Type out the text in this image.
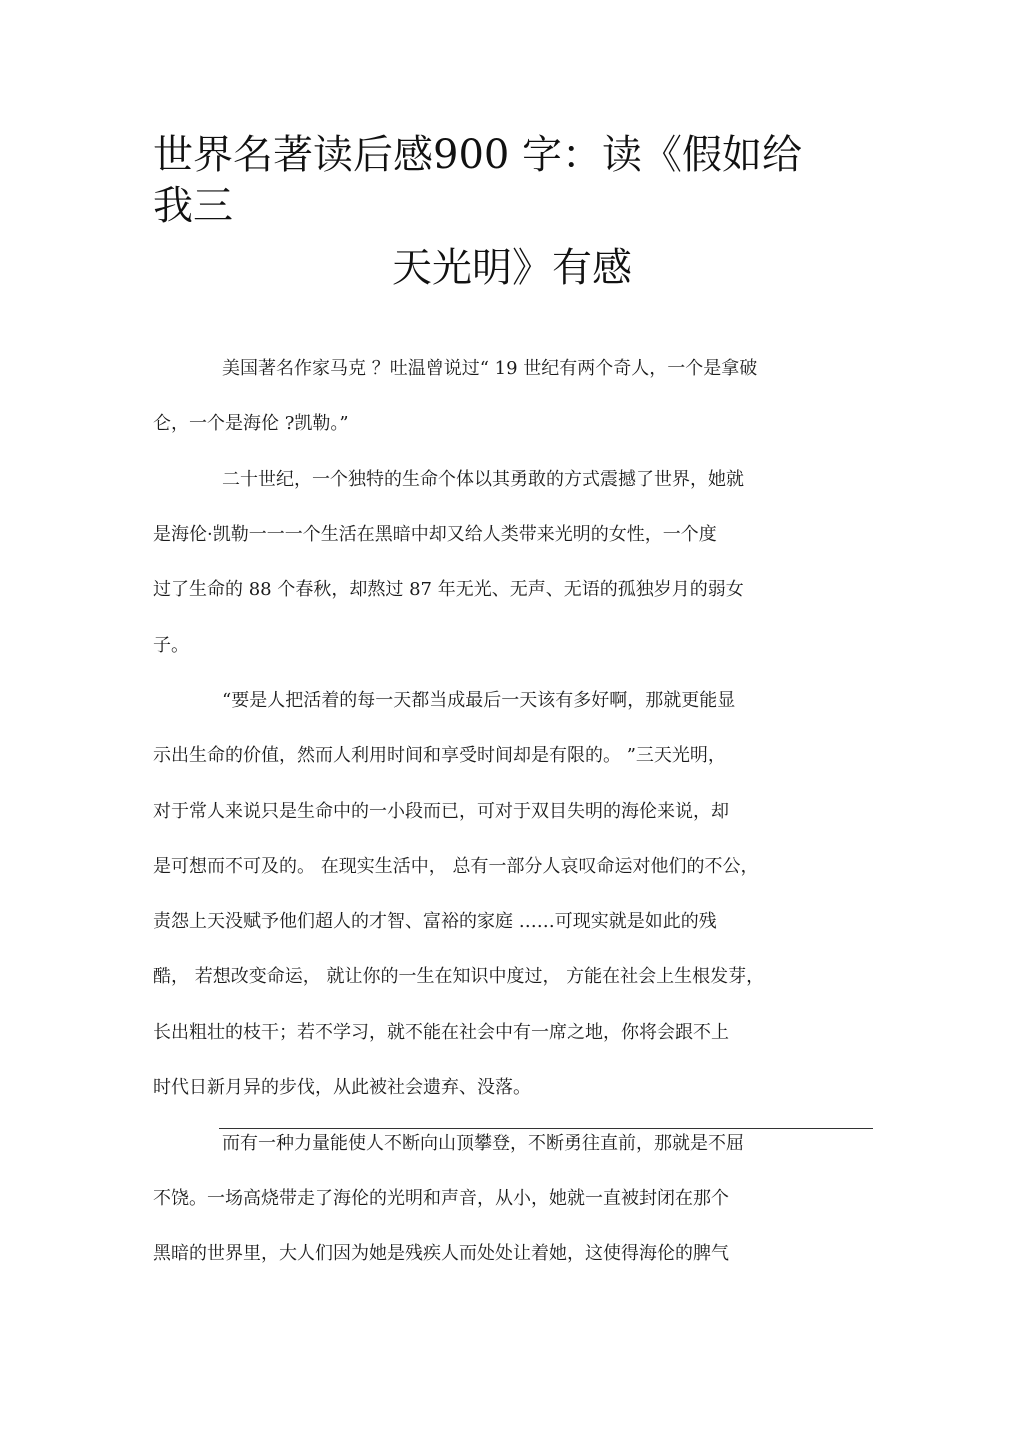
世界名著读后感900 字：读《假如给
我三
天光明》有感

美国著名作家马克 ？吐温曾说过“ 19 世纪有两个奇人，一个是拿破

仑，一个是海伦 ?凯勒。”

二十世纪，一个独特的生命个体以其勇敢的方式震撼了世界，她就

是海伦·凯勒一一一个生活在黑暗中却又给人类带来光明的女性，一个度

过了生命的 88 个春秋，却熬过 87 年无光、无声、无语的孤独岁月的弱女

子。

“要是人把活着的每一天都当成最后一天该有多好啊，那就更能显

示出生命的价值，然而人利用时间和享受时间却是有限的。 ”三天光明，

对于常人来说只是生命中的一小段而已，可对于双目失明的海伦来说，却

是可想而不可及的。 在现实生活中， 总有一部分人哀叹命运对他们的不公，

责怨上天没赋予他们超人的才智、富裕的家庭 ……可现实就是如此的残

酷， 若想改变命运， 就让你的一生在知识中度过， 方能在社会上生根发芽，

长出粗壮的枝干；若不学习，就不能在社会中有一席之地，你将会跟不上

时代日新月异的步伐，从此被社会遗弃、没落。

而有一种力量能使人不断向山顶攀登，不断勇往直前，那就是不屈

不饶。一场高烧带走了海伦的光明和声音，从小，她就一直被封闭在那个

黑暗的世界里，大人们因为她是残疾人而处处让着她，这使得海伦的脾气
